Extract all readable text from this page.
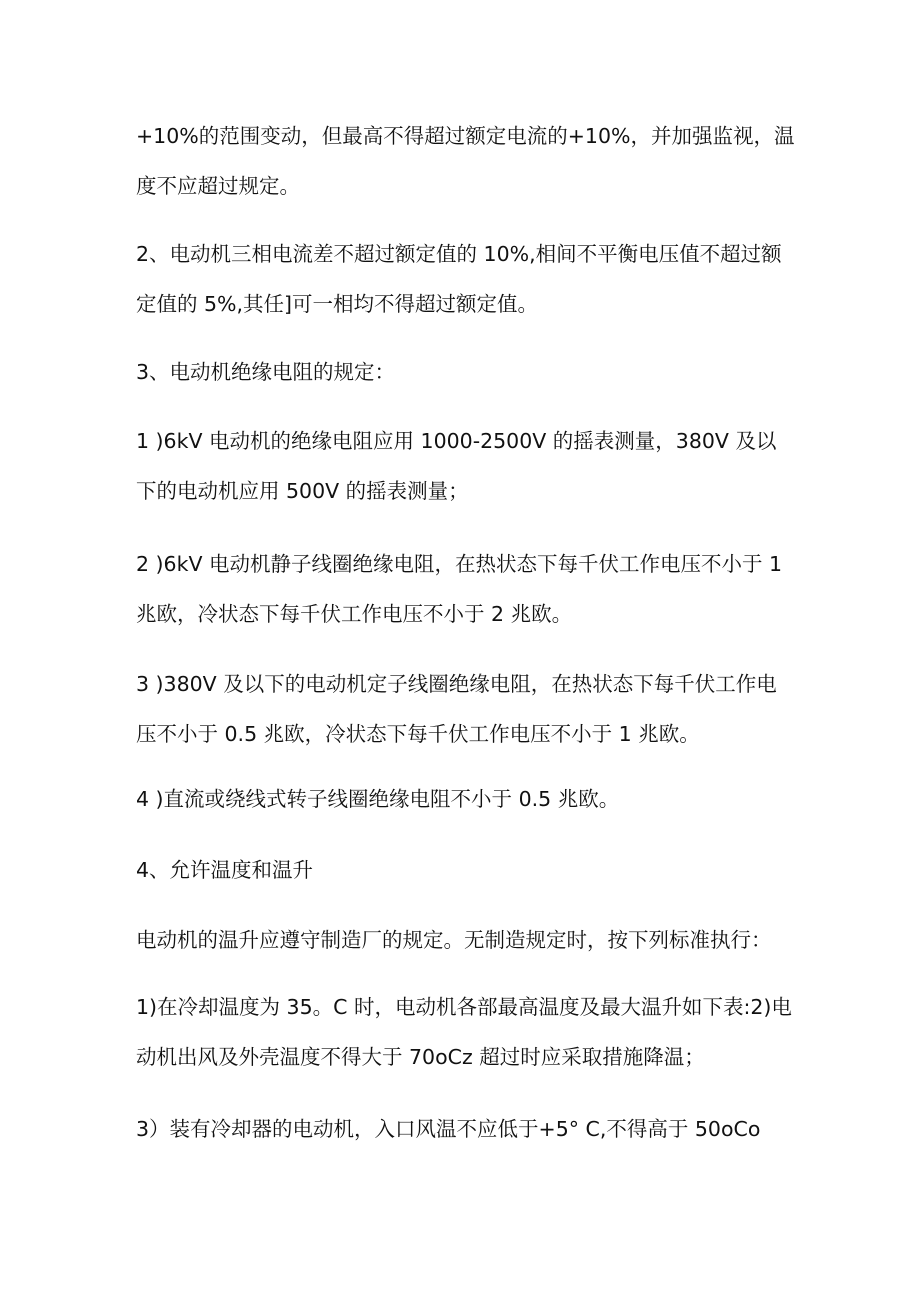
+10%的范围变动，但最高不得超过额定电流的+10%，并加强监视，温度不应超过规定。

2、电动机三相电流差不超过额定值的 10%,相间不平衡电压值不超过额定值的 5%,其任]可一相均不得超过额定值。

3、电动机绝缘电阻的规定：

1 )6kV 电动机的绝缘电阻应用 1000-2500V 的摇表测量，380V 及以下的电动机应用 500V 的摇表测量；

2 )6kV 电动机静子线圈绝缘电阻，在热状态下每千伏工作电压不小于 1 兆欧，冷状态下每千伏工作电压不小于 2 兆欧。

3 )380V 及以下的电动机定子线圈绝缘电阻，在热状态下每千伏工作电压不小于 0.5 兆欧，冷状态下每千伏工作电压不小于 1 兆欧。

4 )直流或绕线式转子线圈绝缘电阻不小于 0.5 兆欧。

4、允许温度和温升

电动机的温升应遵守制造厂的规定。无制造规定时，按下列标准执行：

1)在冷却温度为 35。C 时，电动机各部最高温度及最大温升如下表:2)电动机出风及外壳温度不得大于 70oCz 超过时应采取措施降温；

3）装有冷却器的电动机，入口风温不应低于+5° C,不得高于 50oCo
